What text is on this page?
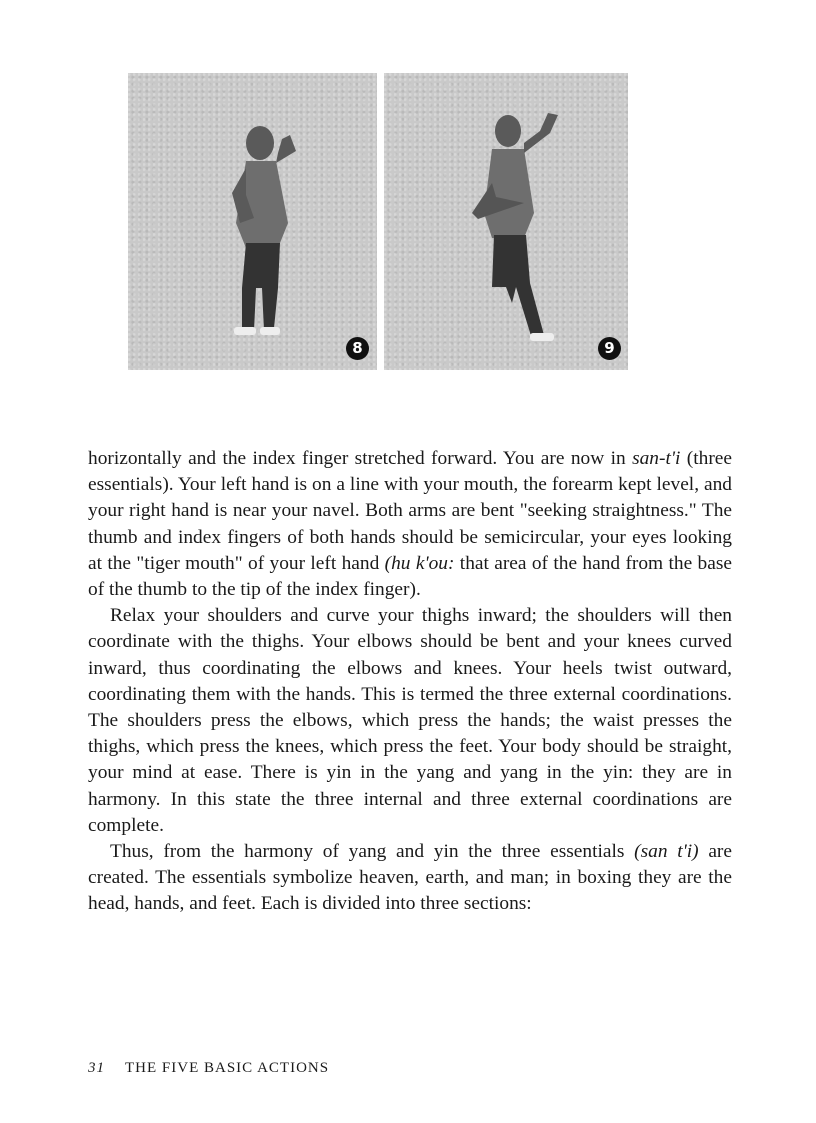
8	9

horizontally and the index finger stretched forward. You are now in san-t'i (three essentials). Your left hand is on a line with your mouth, the forearm kept level, and your right hand is near your navel. Both arms are bent "seeking straightness." The thumb and index fingers of both hands should be semicircular, your eyes looking at the "tiger mouth" of your left hand (hu k'ou: that area of the hand from the base of the thumb to the tip of the index finger).

Relax your shoulders and curve your thighs inward; the shoulders will then coordinate with the thighs. Your elbows should be bent and your knees curved inward, thus coordinating the elbows and knees. Your heels twist outward, coordinating them with the hands. This is termed the three external coordinations. The shoulders press the elbows, which press the hands; the waist presses the thighs, which press the knees, which press the feet. Your body should be straight, your mind at ease. There is yin in the yang and yang in the yin: they are in harmony. In this state the three internal and three external coordinations are complete.

Thus, from the harmony of yang and yin the three essentials (san t'i) are created. The essentials symbolize heaven, earth, and man; in boxing they are the head, hands, and feet. Each is divided into three sections:

31 THE FIVE BASIC ACTIONS
